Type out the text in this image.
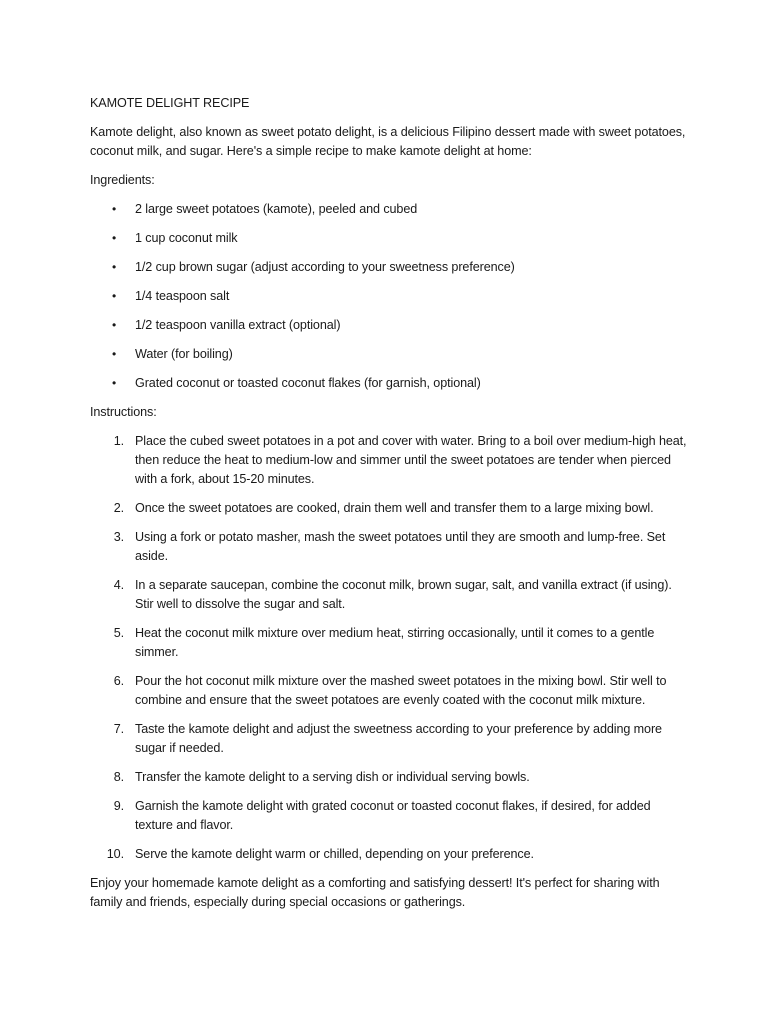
KAMOTE DELIGHT RECIPE

Kamote delight, also known as sweet potato delight, is a delicious Filipino dessert made with sweet potatoes, coconut milk, and sugar. Here's a simple recipe to make kamote delight at home:

Ingredients:

• 2 large sweet potatoes (kamote), peeled and cubed
• 1 cup coconut milk
• 1/2 cup brown sugar (adjust according to your sweetness preference)
• 1/4 teaspoon salt
• 1/2 teaspoon vanilla extract (optional)
• Water (for boiling)
• Grated coconut or toasted coconut flakes (for garnish, optional)

Instructions:

1. Place the cubed sweet potatoes in a pot and cover with water. Bring to a boil over medium-high heat, then reduce the heat to medium-low and simmer until the sweet potatoes are tender when pierced with a fork, about 15-20 minutes.
2. Once the sweet potatoes are cooked, drain them well and transfer them to a large mixing bowl.
3. Using a fork or potato masher, mash the sweet potatoes until they are smooth and lump-free. Set aside.
4. In a separate saucepan, combine the coconut milk, brown sugar, salt, and vanilla extract (if using). Stir well to dissolve the sugar and salt.
5. Heat the coconut milk mixture over medium heat, stirring occasionally, until it comes to a gentle simmer.
6. Pour the hot coconut milk mixture over the mashed sweet potatoes in the mixing bowl. Stir well to combine and ensure that the sweet potatoes are evenly coated with the coconut milk mixture.
7. Taste the kamote delight and adjust the sweetness according to your preference by adding more sugar if needed.
8. Transfer the kamote delight to a serving dish or individual serving bowls.
9. Garnish the kamote delight with grated coconut or toasted coconut flakes, if desired, for added texture and flavor.
10. Serve the kamote delight warm or chilled, depending on your preference.

Enjoy your homemade kamote delight as a comforting and satisfying dessert! It's perfect for sharing with family and friends, especially during special occasions or gatherings.
